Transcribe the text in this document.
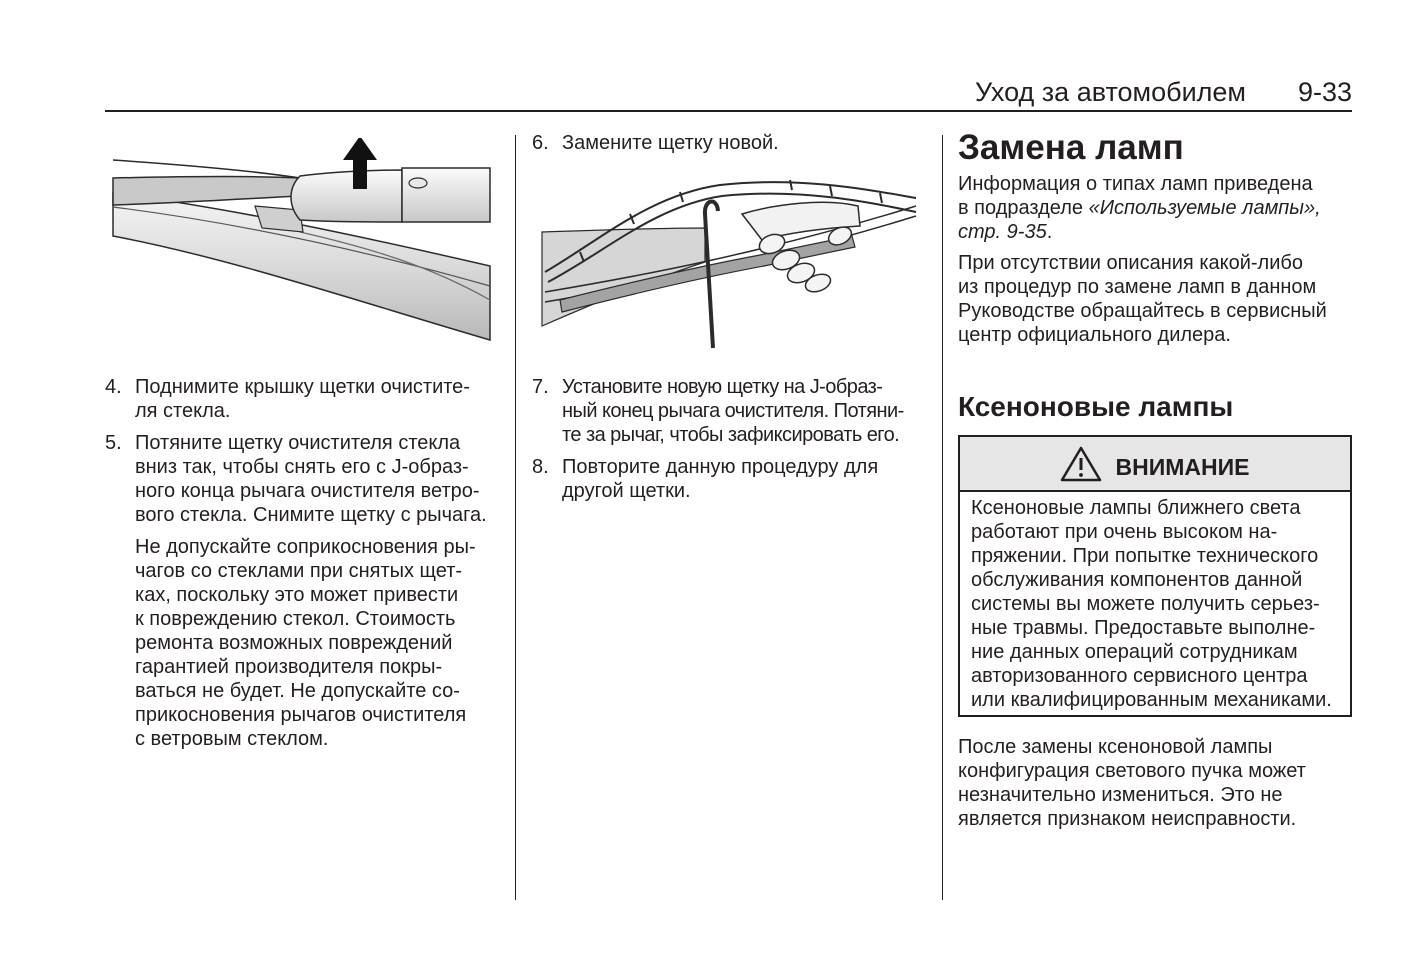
Уход за автомобилем 9-33
4. Поднимите крышку щетки очистите-
ля стекла.
5. Потяните щетку очистителя стекла
вниз так, чтобы снять его с J-образ-
ного конца рычага очистителя ветро-
вого стекла. Снимите щетку с рычага.
Не допускайте соприкосновения ры-
чагов со стеклами при снятых щет-
ках, поскольку это может привести
к повреждению стекол. Стоимость
ремонта возможных повреждений
гарантией производителя покры-
ваться не будет. Не допускайте со-
прикосновения рычагов очистителя
с ветровым стеклом.
6. Замените щетку новой.
7. Установите новую щетку на J-образ-
ный конец рычага очистителя. Потяни-
те за рычаг, чтобы зафиксировать его.
8. Повторите данную процедуру для
другой щетки.
Замена ламп
Информация о типах ламп приведена
в подразделе «Используемые лампы»,
стр. 9-35.
При отсутствии описания какой-либо
из процедур по замене ламп в данном
Руководстве обращайтесь в сервисный
центр официального дилера.
Ксеноновые лампы
ВНИМАНИЕ
Ксеноновые лампы ближнего света
работают при очень высоком на-
пряжении. При попытке технического
обслуживания компонентов данной
системы вы можете получить серьез-
ные травмы. Предоставьте выполне-
ние данных операций сотрудникам
авторизованного сервисного центра
или квалифицированным механиками.
После замены ксеноновой лампы
конфигурация светового пучка может
незначительно измениться. Это не
является признаком неисправности.
